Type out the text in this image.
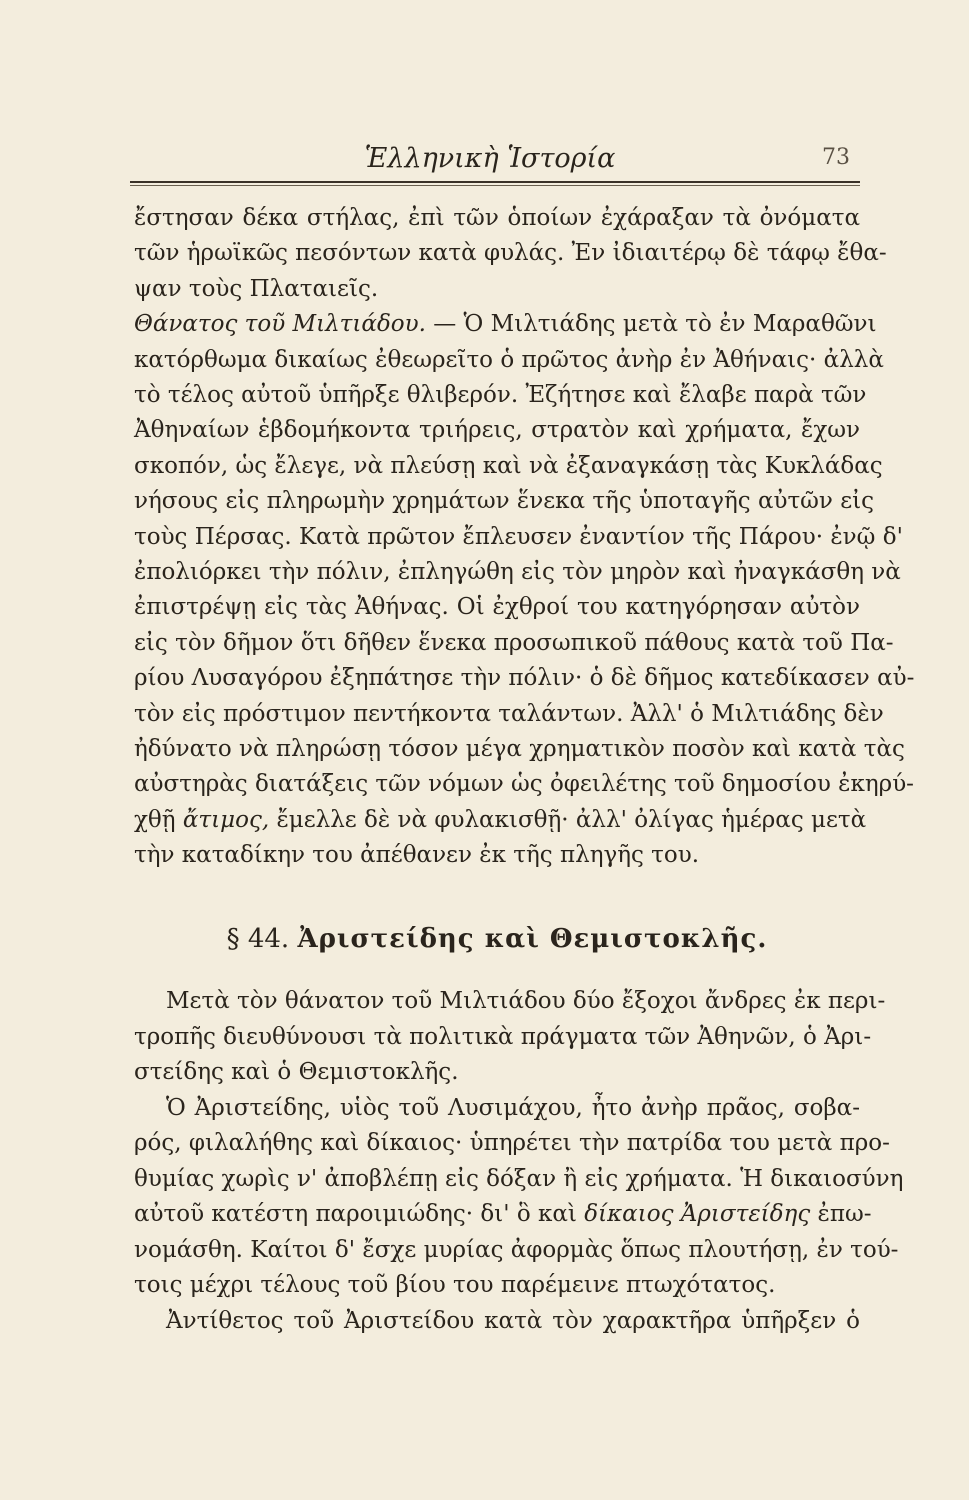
Ἑλληνικὴ Ἱστορία	73
ἔστησαν δέκα στήλας, ἐπὶ τῶν ὁποίων ἐχάραξαν τὰ ὀνόματα
τῶν ἡρωϊκῶς πεσόντων κατὰ φυλάς. Ἐν ἰδιαιτέρῳ δὲ τάφῳ ἔθα-
ψαν τοὺς Πλαταιεῖς.
Θάνατος τοῦ Μιλτιάδου. — Ὁ Μιλτιάδης μετὰ τὸ ἐν Μαραθῶνι
κατόρθωμα δικαίως ἐθεωρεῖτο ὁ πρῶτος ἀνὴρ ἐν Ἀθήναις· ἀλλὰ
τὸ τέλος αὐτοῦ ὑπῆρξε θλιβερόν. Ἐζήτησε καὶ ἔλαβε παρὰ τῶν
Ἀθηναίων ἑβδομήκοντα τριήρεις, στρατὸν καὶ χρήματα, ἔχων
σκοπόν, ὡς ἔλεγε, νὰ πλεύσῃ καὶ νὰ ἐξαναγκάσῃ τὰς Κυκλάδας
νήσους εἰς πληρωμὴν χρημάτων ἕνεκα τῆς ὑποταγῆς αὐτῶν εἰς
τοὺς Πέρσας. Κατὰ πρῶτον ἔπλευσεν ἐναντίον τῆς Πάρου· ἐνῷ δ'
ἐπολιόρκει τὴν πόλιν, ἐπληγώθη εἰς τὸν μηρὸν καὶ ἠναγκάσθη νὰ
ἐπιστρέψῃ εἰς τὰς Ἀθήνας. Οἱ ἐχθροί του κατηγόρησαν αὐτὸν
εἰς τὸν δῆμον ὅτι δῆθεν ἕνεκα προσωπικοῦ πάθους κατὰ τοῦ Πα-
ρίου Λυσαγόρου ἐξηπάτησε τὴν πόλιν· ὁ δὲ δῆμος κατεδίκασεν αὐ-
τὸν εἰς πρόστιμον πεντήκοντα ταλάντων. Ἀλλ' ὁ Μιλτιάδης δὲν
ἠδύνατο νὰ πληρώσῃ τόσον μέγα χρηματικὸν ποσὸν καὶ κατὰ τὰς
αὐστηρὰς διατάξεις τῶν νόμων ὡς ὀφειλέτης τοῦ δημοσίου ἐκηρύ-
χθῇ ἄτιμος, ἔμελλε δὲ νὰ φυλακισθῇ· ἀλλ' ὀλίγας ἡμέρας μετὰ
τὴν καταδίκην του ἀπέθανεν ἐκ τῆς πληγῆς του.
§ 44. Ἀριστείδης καὶ Θεμιστοκλῆς.
Μετὰ τὸν θάνατον τοῦ Μιλτιάδου δύο ἔξοχοι ἄνδρες ἐκ περι-
τροπῆς διευθύνουσι τὰ πολιτικὰ πράγματα τῶν Ἀθηνῶν, ὁ Ἀρι-
στείδης καὶ ὁ Θεμιστοκλῆς.
Ὁ Ἀριστείδης, υἱὸς τοῦ Λυσιμάχου, ἦτο ἀνὴρ πρᾶος, σοβα-
ρός, φιλαλήθης καὶ δίκαιος· ὑπηρέτει τὴν πατρίδα του μετὰ προ-
θυμίας χωρὶς ν' ἀποβλέπῃ εἰς δόξαν ἢ εἰς χρήματα. Ἡ δικαιοσύνη
αὐτοῦ κατέστη παροιμιώδης· δι' ὃ καὶ δίκαιος Ἀριστείδης ἐπω-
νομάσθη. Καίτοι δ' ἔσχε μυρίας ἀφορμὰς ὅπως πλουτήσῃ, ἐν τού-
τοις μέχρι τέλους τοῦ βίου του παρέμεινε πτωχότατος.
Ἀντίθετος τοῦ Ἀριστείδου κατὰ τὸν χαρακτῆρα ὑπῆρξεν ὁ
